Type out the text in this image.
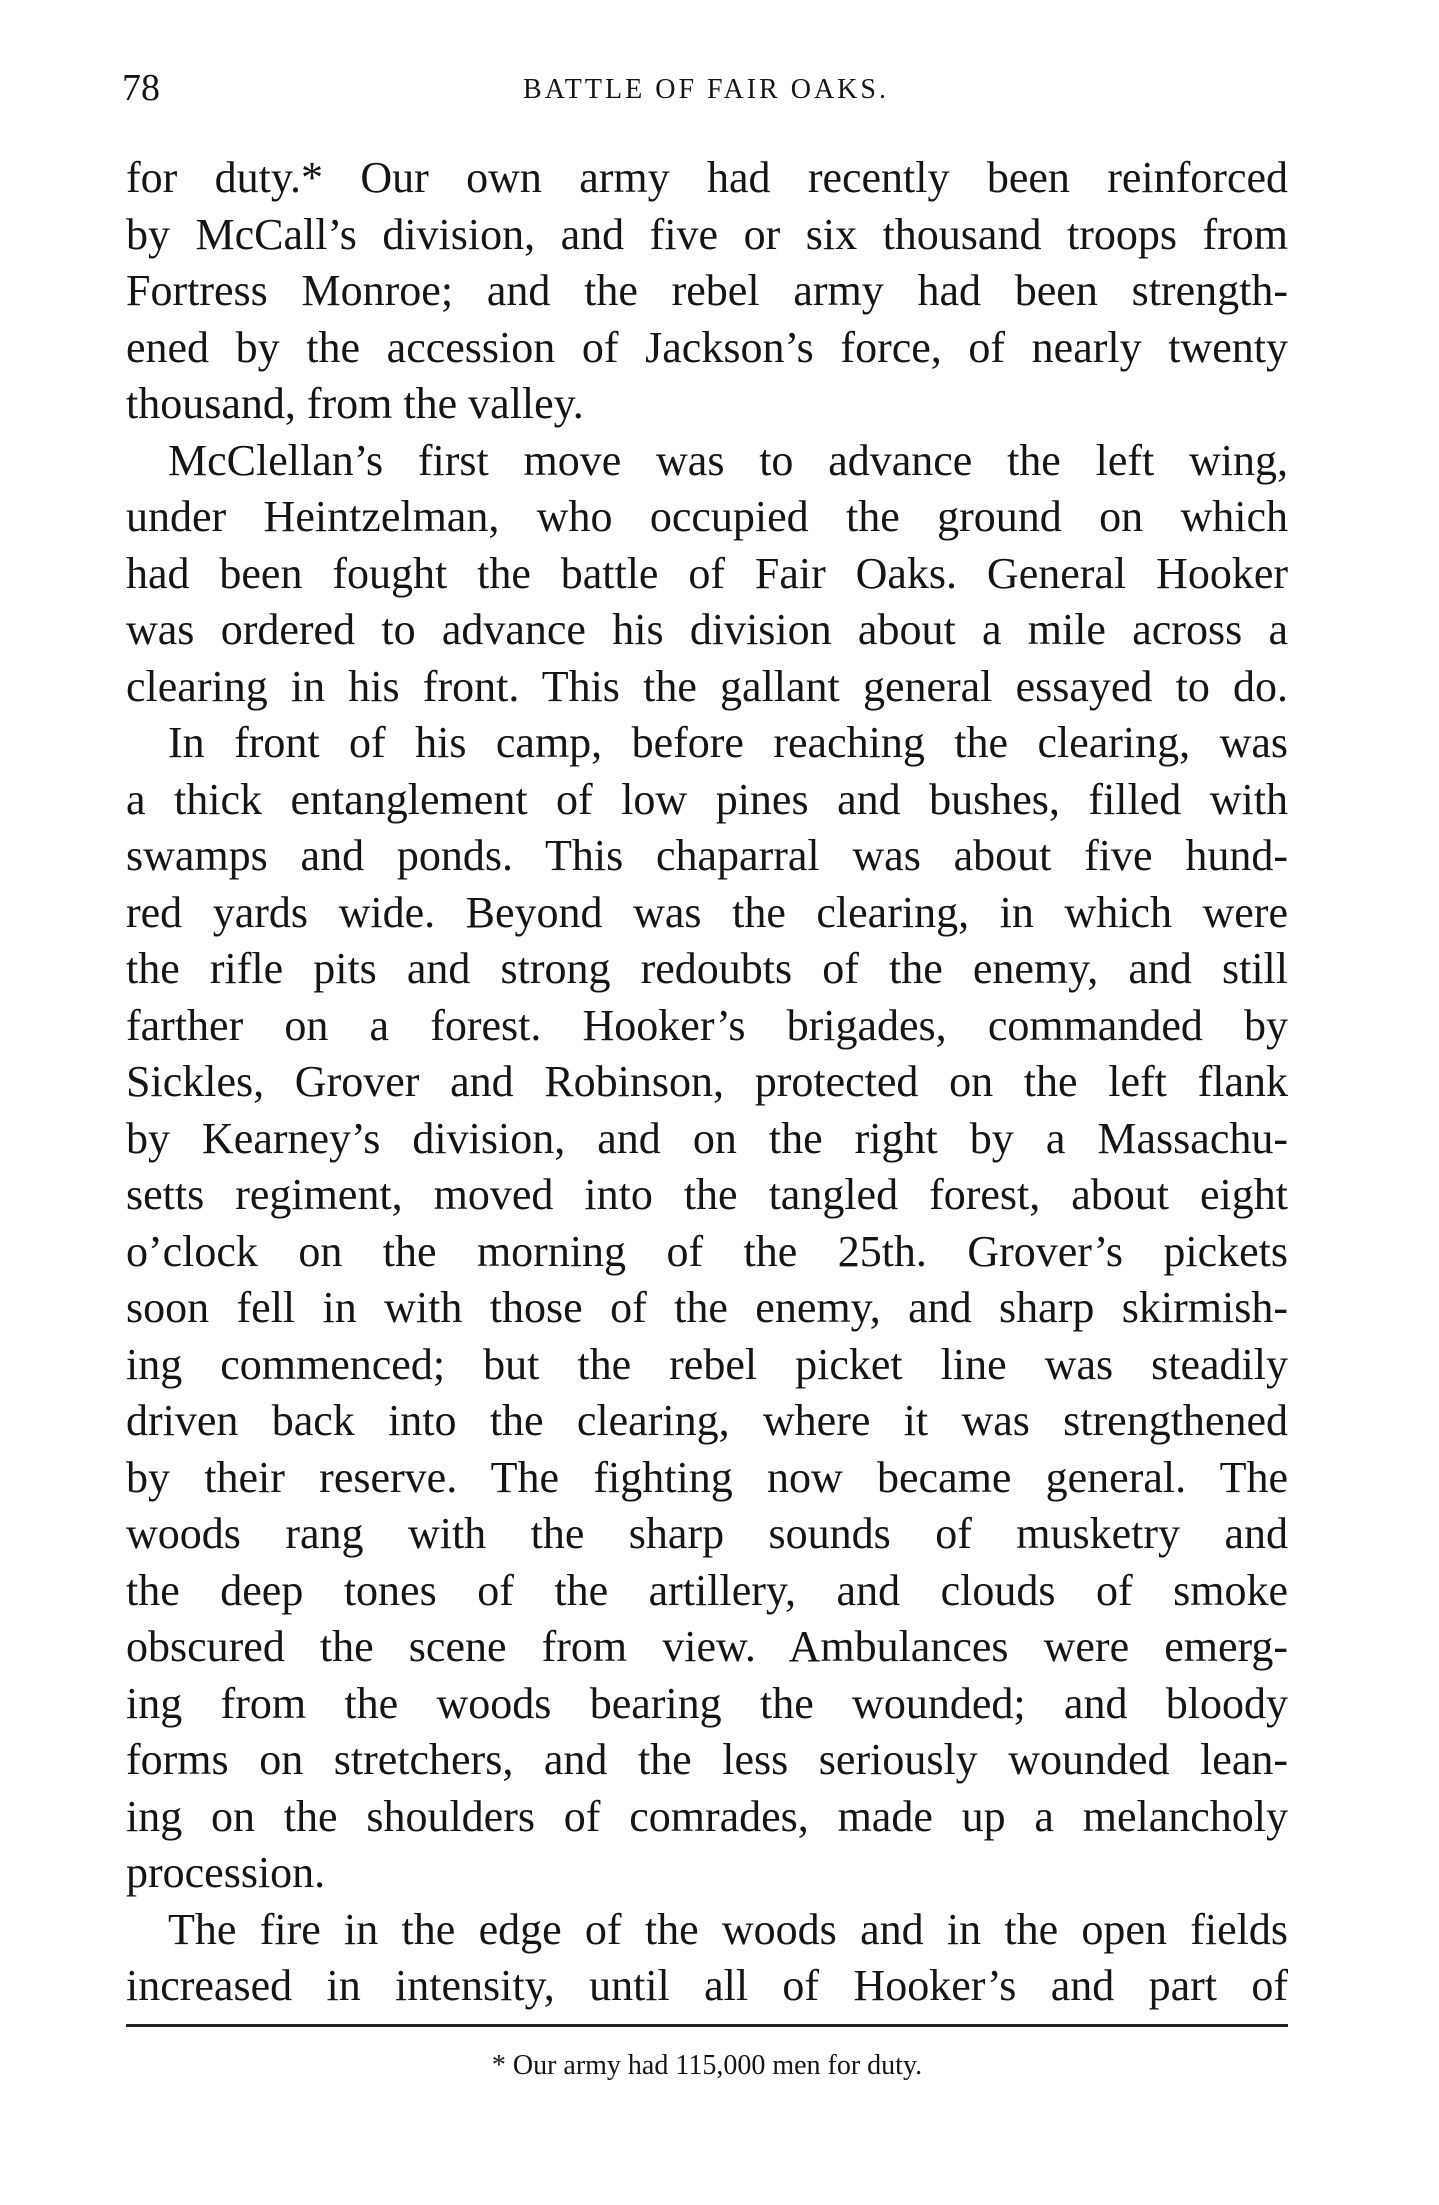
78	BATTLE OF FAIR OAKS.
for duty.* Our own army had recently been reinforced
by McCall’s division, and five or six thousand troops from
Fortress Monroe; and the rebel army had been strength-
ened by the accession of Jackson’s force, of nearly twenty
thousand, from the valley.
McClellan’s first move was to advance the left wing,
under Heintzelman, who occupied the ground on which
had been fought the battle of Fair Oaks. General Hooker
was ordered to advance his division about a mile across a
clearing in his front. This the gallant general essayed to do.
In front of his camp, before reaching the clearing, was
a thick entanglement of low pines and bushes, filled with
swamps and ponds. This chaparral was about five hund-
red yards wide. Beyond was the clearing, in which were
the rifle pits and strong redoubts of the enemy, and still
farther on a forest. Hooker’s brigades, commanded by
Sickles, Grover and Robinson, protected on the left flank
by Kearney’s division, and on the right by a Massachu-
setts regiment, moved into the tangled forest, about eight
o’clock on the morning of the 25th. Grover’s pickets
soon fell in with those of the enemy, and sharp skirmish-
ing commenced; but the rebel picket line was steadily
driven back into the clearing, where it was strengthened
by their reserve. The fighting now became general. The
woods rang with the sharp sounds of musketry and
the deep tones of the artillery, and clouds of smoke
obscured the scene from view. Ambulances were emerg-
ing from the woods bearing the wounded; and bloody
forms on stretchers, and the less seriously wounded lean-
ing on the shoulders of comrades, made up a melancholy
procession.
The fire in the edge of the woods and in the open fields
increased in intensity, until all of Hooker’s and part of
* Our army had 115,000 men for duty.
